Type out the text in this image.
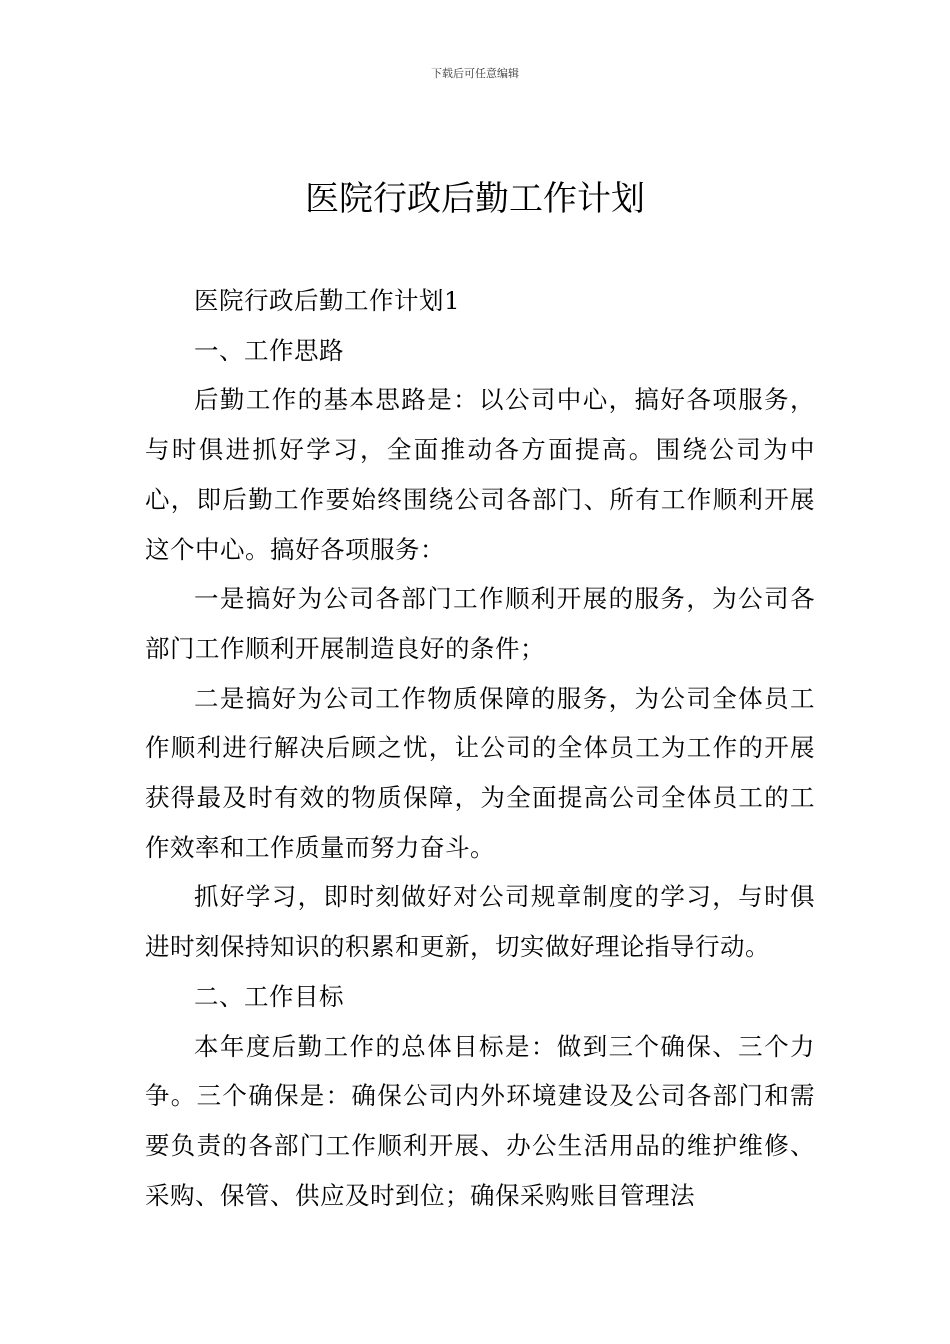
下载后可任意编辑
医院行政后勤工作计划

医院行政后勤工作计划1

一、工作思路

后勤工作的基本思路是：以公司中心，搞好各项服务，与时俱进抓好学习，全面推动各方面提高。围绕公司为中心，即后勤工作要始终围绕公司各部门、所有工作顺利开展这个中心。搞好各项服务：

一是搞好为公司各部门工作顺利开展的服务，为公司各部门工作顺利开展制造良好的条件；

二是搞好为公司工作物质保障的服务，为公司全体员工作顺利进行解决后顾之忧，让公司的全体员工为工作的开展获得最及时有效的物质保障，为全面提高公司全体员工的工作效率和工作质量而努力奋斗。

抓好学习，即时刻做好对公司规章制度的学习，与时俱进时刻保持知识的积累和更新，切实做好理论指导行动。

二、工作目标

本年度后勤工作的总体目标是：做到三个确保、三个力争。三个确保是：确保公司内外环境建设及公司各部门和需要负责的各部门工作顺利开展、办公生活用品的维护维修、采购、保管、供应及时到位；确保采购账目管理法
